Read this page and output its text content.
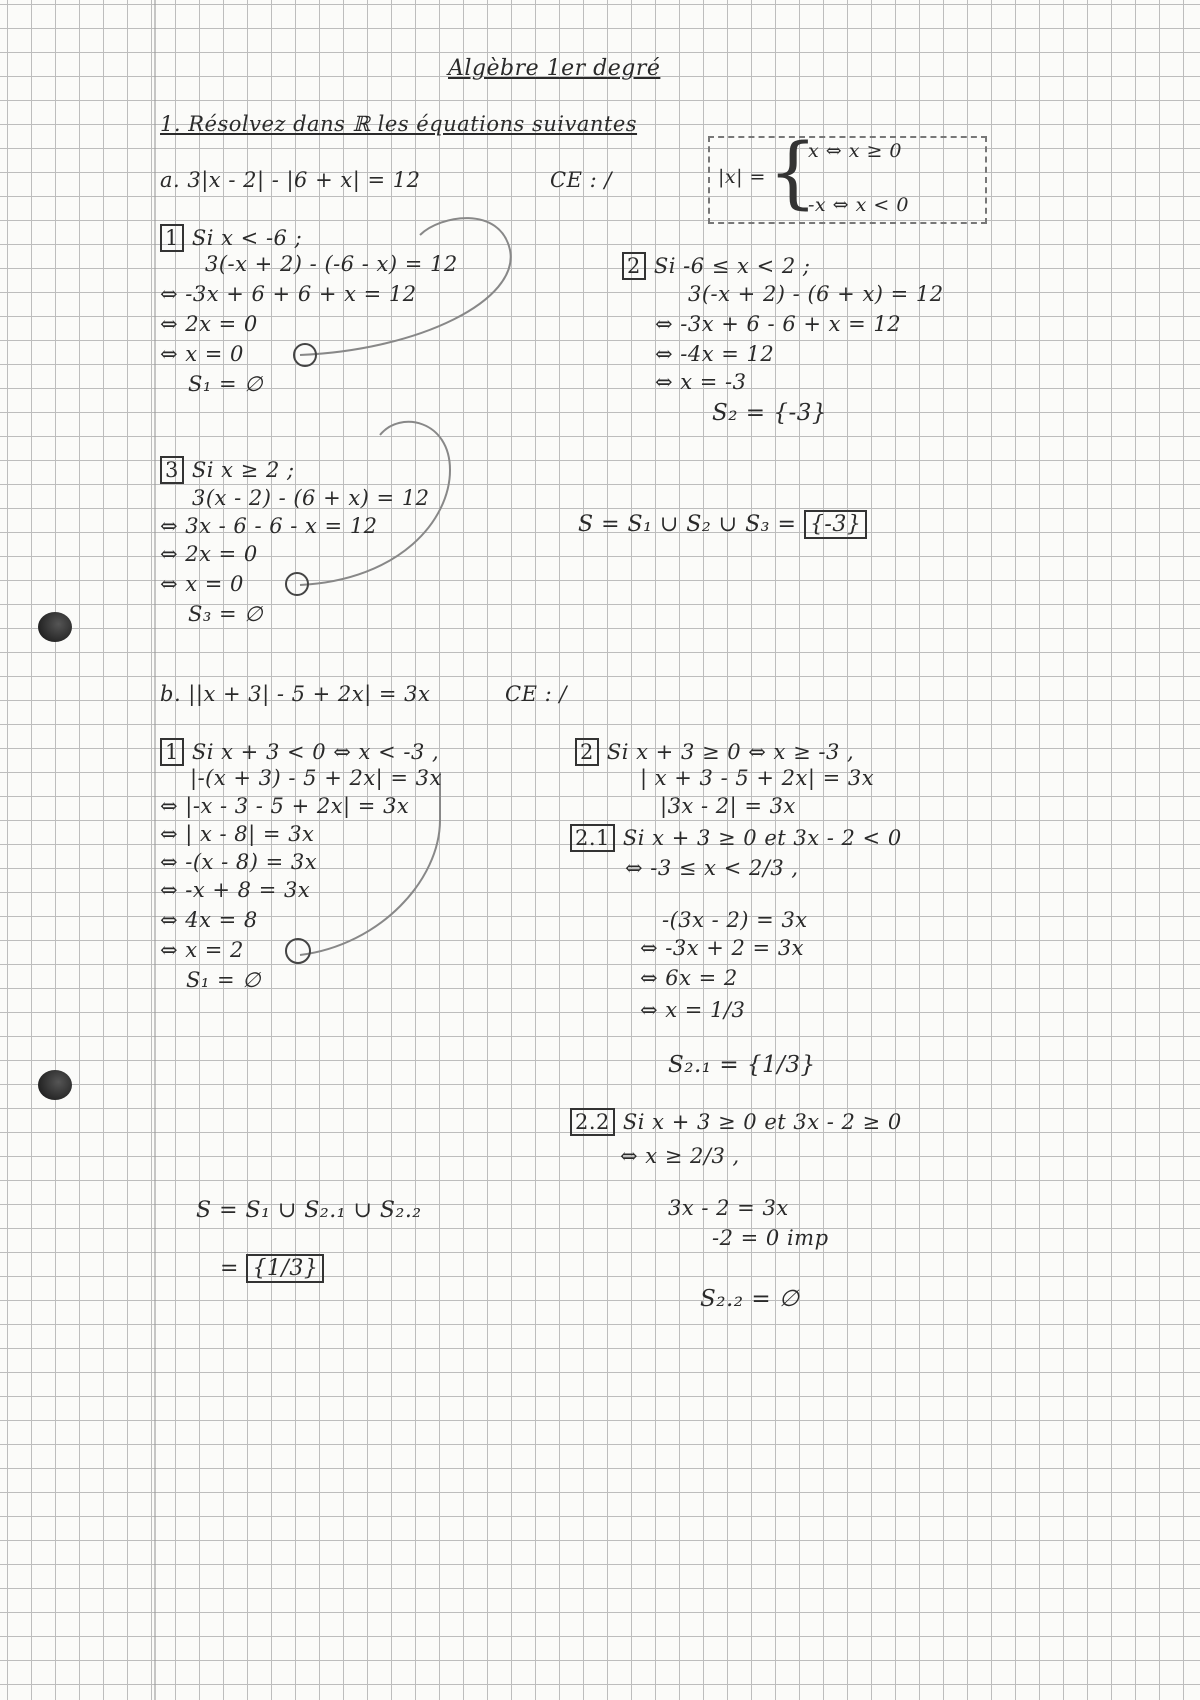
Algèbre 1er degré
1. Résolvez dans ℝ les équations suivantes
a. 3|x - 2| - |6 + x| = 12	CE : /	|x| = {
x ⇔ x ≥ 0
-x ⇔ x < 0
1 Si x < -6 ;
3(-x + 2) - (-6 - x) = 12
⇔ -3x + 6 + 6 + x = 12
⇔ 2x = 0
⇔ x = 0
S₁ = ∅
2 Si -6 ≤ x < 2 ;
3(-x + 2) - (6 + x) = 12
⇔ -3x + 6 - 6 + x = 12
⇔ -4x = 12
⇔ x = -3
S₂ = {-3}
3 Si x ≥ 2 ;
3(x - 2) - (6 + x) = 12
⇔ 3x - 6 - 6 - x = 12
⇔ 2x = 0
⇔ x = 0
S₃ = ∅
S = S₁ ∪ S₂ ∪ S₃ = {-3}
b. ||x + 3| - 5 + 2x| = 3x	CE : /
1 Si x + 3 < 0 ⇔ x < -3 ,
|-(x + 3) - 5 + 2x| = 3x
⇔ |-x - 3 - 5 + 2x| = 3x
⇔ | x - 8| = 3x
⇔ -(x - 8) = 3x
⇔ -x + 8 = 3x
⇔ 4x = 8
⇔ x = 2
S₁ = ∅
2 Si x + 3 ≥ 0 ⇔ x ≥ -3 ,
| x + 3 - 5 + 2x| = 3x
|3x - 2| = 3x
2.1 Si x + 3 ≥ 0 et 3x - 2 < 0
⇔ -3 ≤ x < 2/3 ,
-(3x - 2) = 3x
⇔ -3x + 2 = 3x
⇔ 6x = 2
⇔ x = 1/3
S₂.₁ = {1/3}
2.2 Si x + 3 ≥ 0 et 3x - 2 ≥ 0
⇔ x ≥ 2/3 ,
3x - 2 = 3x
-2 = 0 imp
S₂.₂ = ∅
S = S₁ ∪ S₂.₁ ∪ S₂.₂
= {1/3}
